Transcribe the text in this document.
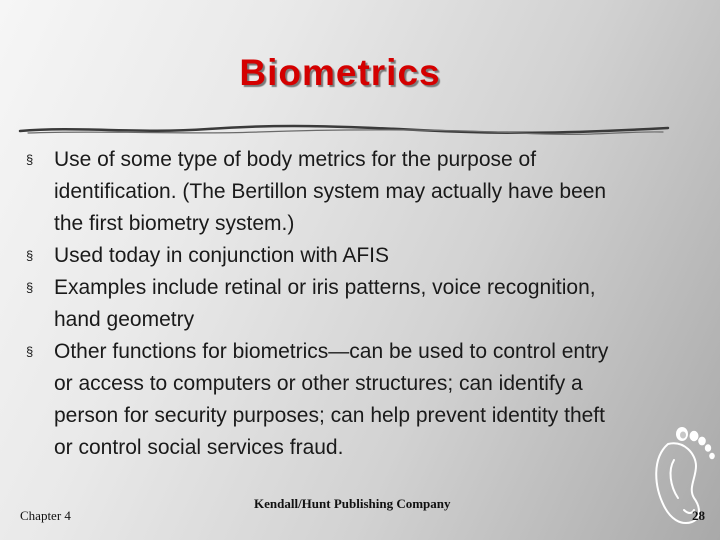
Biometrics
§ Use of some type of body metrics for the purpose of
identification. (The Bertillon system may actually have been
the first biometry system.)
§ Used today in conjunction with AFIS
§ Examples include retinal or iris patterns, voice recognition,
hand geometry
§ Other functions for biometrics—can be used to control entry
or access to computers or other structures; can identify a
person for security purposes; can help prevent identity theft
or control social services fraud.
Chapter 4
Kendall/Hunt Publishing Company
28
